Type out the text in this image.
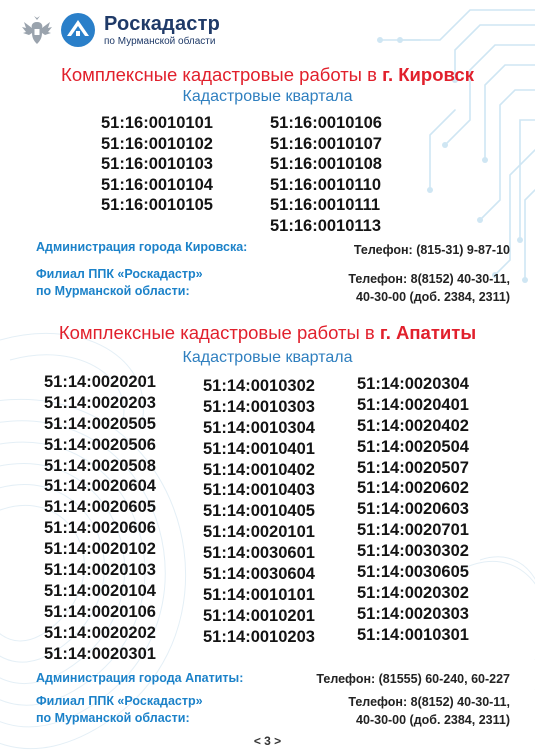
Роскадастр
по Мурманской области
Комплексные кадастровые работы в г. Кировск
Кадастровые квартала
51:16:0010101
51:16:0010102
51:16:0010103
51:16:0010104
51:16:0010105
51:16:0010106
51:16:0010107
51:16:0010108
51:16:0010110
51:16:0010111
51:16:0010113
Администрация города Кировска:	Телефон: (815-31) 9-87-10
Филиал ППК «Роскадастр»
по Мурманской области:
Телефон: 8(8152) 40-30-11,
40-30-00 (доб. 2384, 2311)
Комплексные кадастровые работы в г. Апатиты
Кадастровые квартала
51:14:0020201
51:14:0020203
51:14:0020505
51:14:0020506
51:14:0020508
51:14:0020604
51:14:0020605
51:14:0020606
51:14:0020102
51:14:0020103
51:14:0020104
51:14:0020106
51:14:0020202
51:14:0020301
51:14:0010302
51:14:0010303
51:14:0010304
51:14:0010401
51:14:0010402
51:14:0010403
51:14:0010405
51:14:0020101
51:14:0030601
51:14:0030604
51:14:0010101
51:14:0010201
51:14:0010203
51:14:0020304
51:14:0020401
51:14:0020402
51:14:0020504
51:14:0020507
51:14:0020602
51:14:0020603
51:14:0020701
51:14:0030302
51:14:0030605
51:14:0020302
51:14:0020303
51:14:0010301
Администрация города Апатиты:	Телефон: (81555) 60-240, 60-227
Филиал ППК «Роскадастр»
по Мурманской области:
Телефон: 8(8152) 40-30-11,
40-30-00 (доб. 2384, 2311)
< 3 >
